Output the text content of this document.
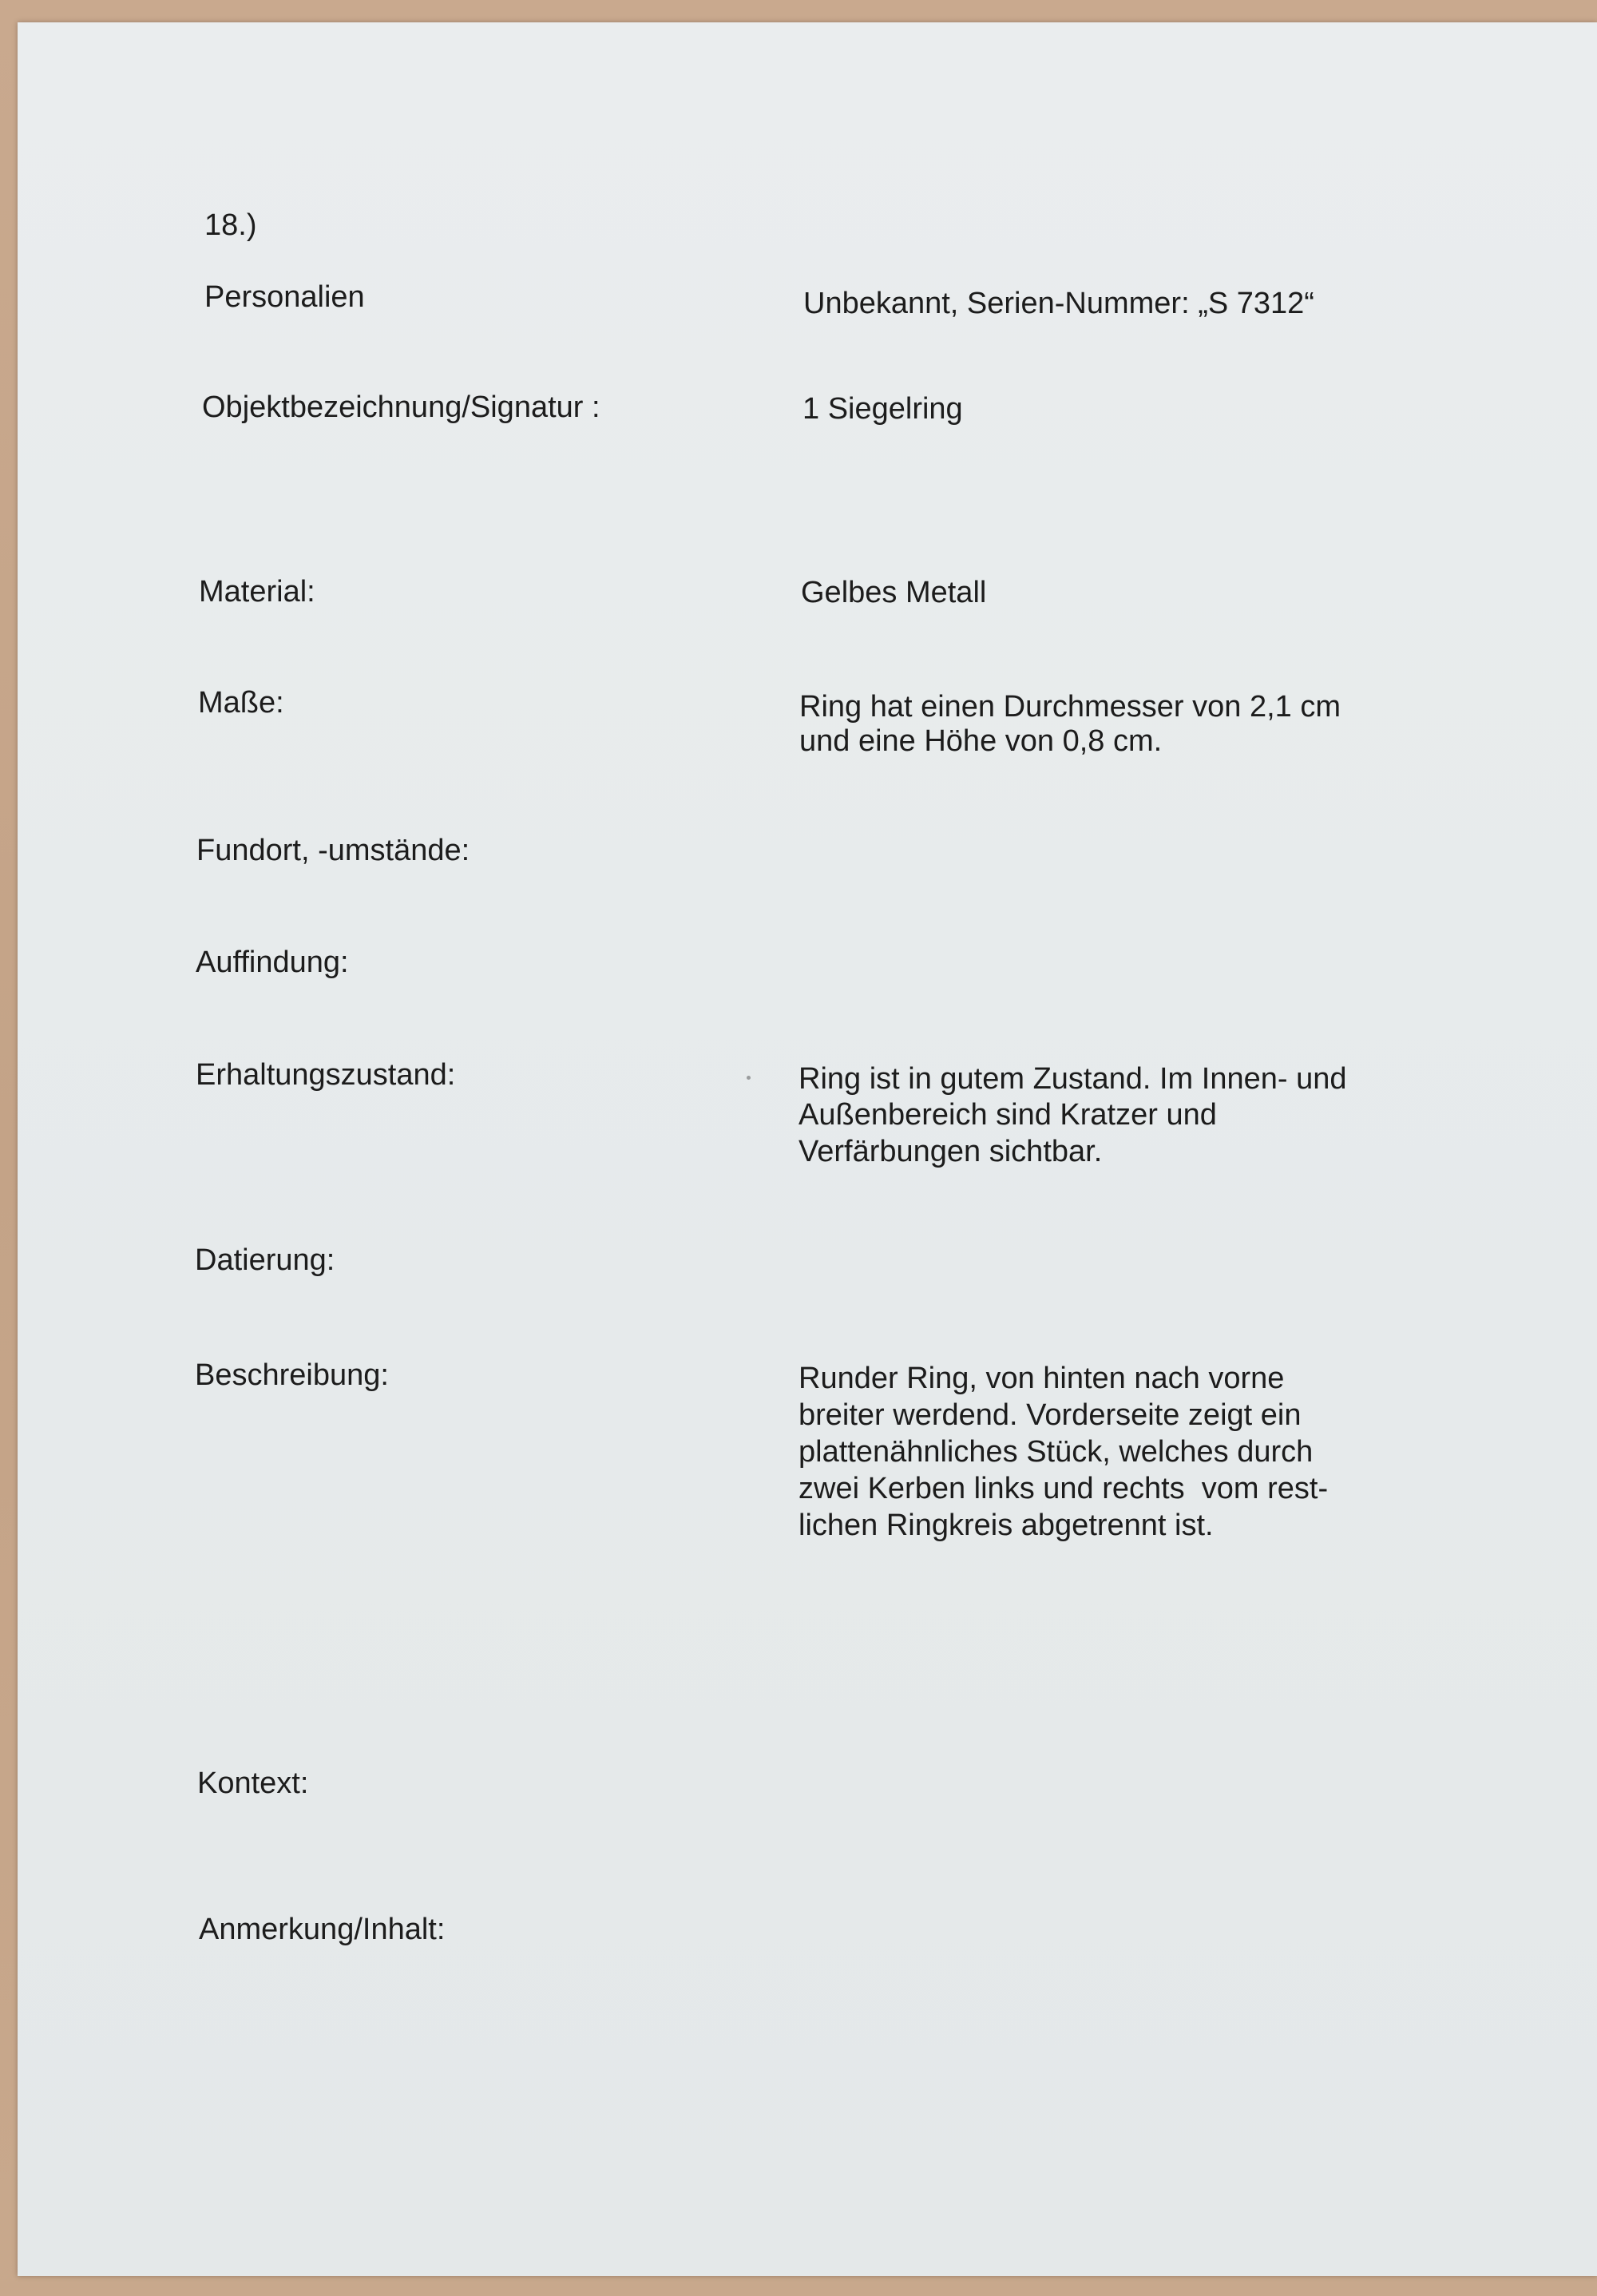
18.)
Personalien	Unbekannt, Serien-Nummer: „S 7312“
Objektbezeichnung/Signatur :	1 Siegelring
Material:	Gelbes Metall
Maße:	Ring hat einen Durchmesser von 2,1 cm
und eine Höhe von 0,8 cm.
Fundort, -umstände:
Auffindung:
Erhaltungszustand:	Ring ist in gutem Zustand. Im Innen- und
Außenbereich sind Kratzer und
Verfärbungen sichtbar.
Datierung:
Beschreibung:	Runder Ring, von hinten nach vorne
breiter werdend. Vorderseite zeigt ein
plattenähnliches Stück, welches durch
zwei Kerben links und rechts  vom rest-
lichen Ringkreis abgetrennt ist.
Kontext:
Anmerkung/Inhalt:
